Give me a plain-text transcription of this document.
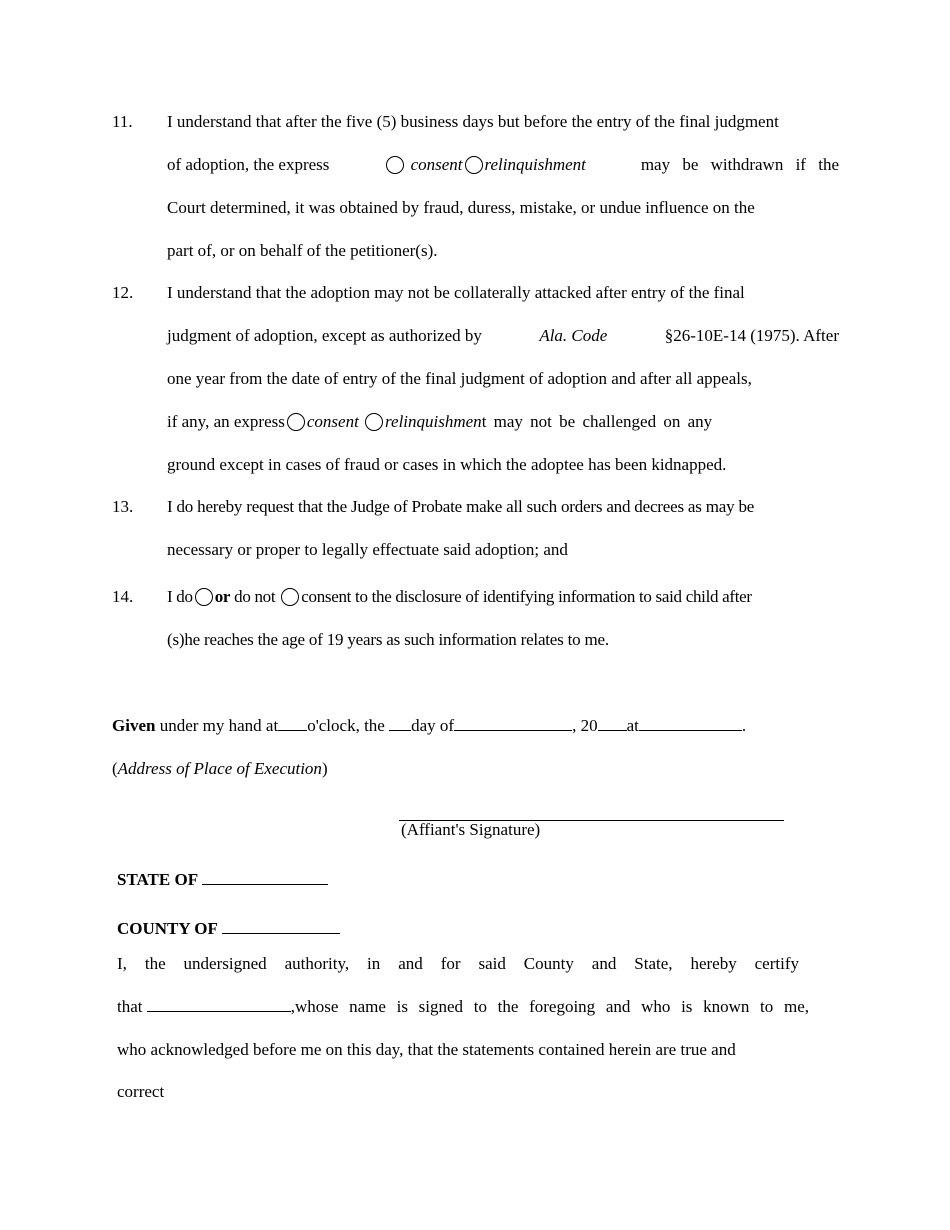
11. I understand that after the five (5) business days but before the entry of the final judgment
of adoption, the express	consent relinquishment	may be withdrawn if the
Court determined, it was obtained by fraud, duress, mistake, or undue influence on the
part of, or on behalf of the petitioner(s).
12. I understand that the adoption may not be collaterally attacked after entry of the final
judgment of adoption, except as authorized by	Ala. Code	§26-10E-14 (1975). After
one year from the date of entry of the final judgment of adoption and after all appeals,
if any, an express consent relinquishment may not be challenged on any
ground except in cases of fraud or cases in which the adoptee has been kidnapped.
13. I do hereby request that the Judge of Probate make all such orders and decrees as may be
necessary or proper to legally effectuate said adoption; and
14. I do or do not consent to the disclosure of identifying information to said child after
(s)he reaches the age of 19 years as such information relates to me.
Given under my hand at o'clock, the day of	, 20 at	.
(Address of Place of Execution)
(Affiant's Signature)
STATE OF
COUNTY OF
I, the undersigned authority, in and for said County and State, hereby certify
that	,whose name is signed to the foregoing and who is known to me,
who acknowledged before me on this day, that the statements contained herein are true and
correct
